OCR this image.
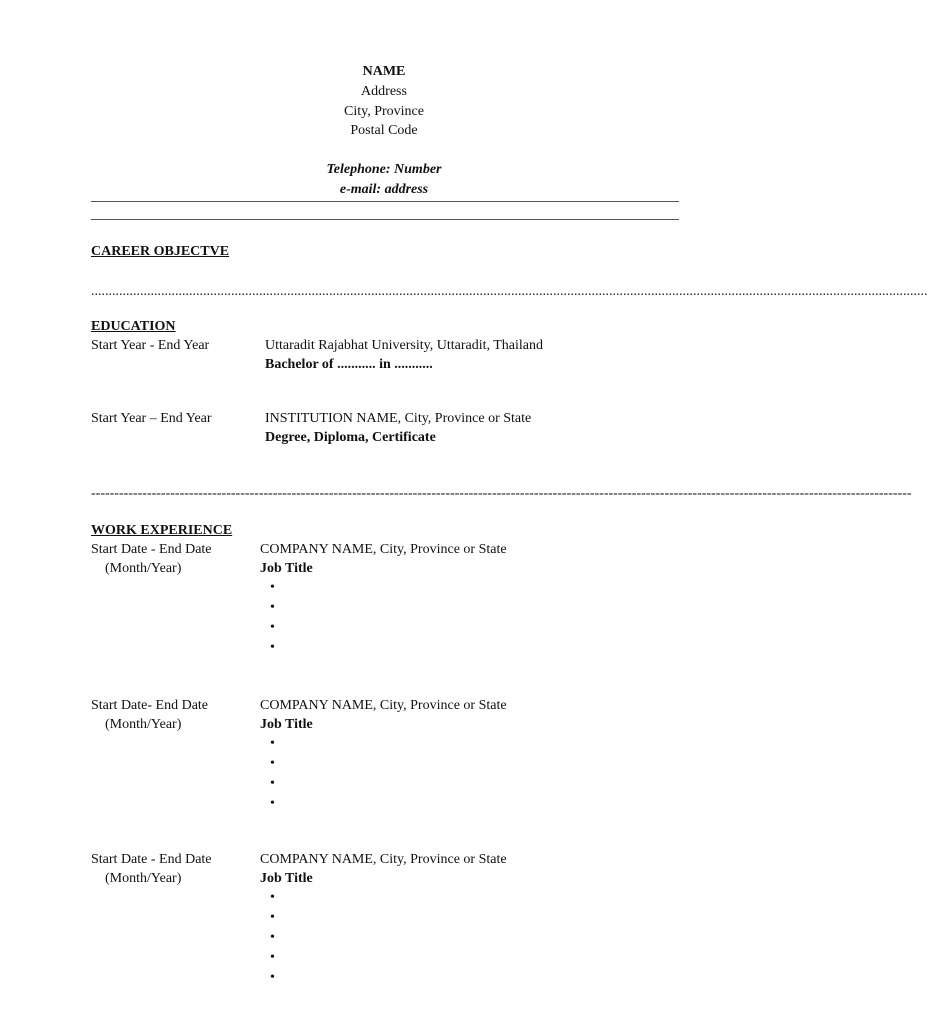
NAME
Address
City, Province
Postal Code
Telephone: Number
e-mail: address
CAREER OBJECTVE
...............................................................................................................................................................................................................................................
EDUCATION
Start Year - End Year	Uttaradit Rajabhat University, Uttaradit, Thailand
Bachelor of ........... in ...........
Start Year – End Year	INSTITUTION NAME, City, Province or State
Degree, Diploma, Certificate
--------------------------------------------------------------------------------------------------------------------------------------------------------------------------------
WORK EXPERIENCE
Start Date - End Date
(Month/Year)
COMPANY NAME, City, Province or State
Job Title
•
•
•
•
Start Date- End Date
(Month/Year)
COMPANY NAME, City, Province or State
Job Title
•
•
•
•
Start Date - End Date
(Month/Year)
COMPANY NAME, City, Province or State
Job Title
•
•
•
•
•
